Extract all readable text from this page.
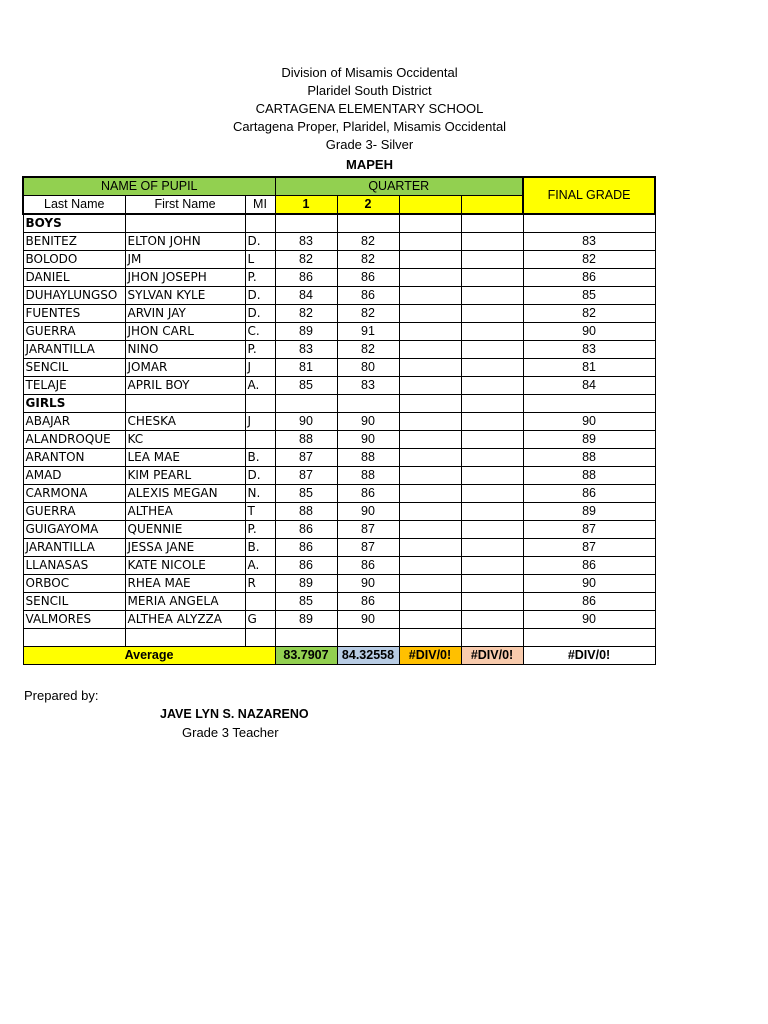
Division of Misamis Occidental
Plaridel South District
CARTAGENA ELEMENTARY SCHOOL
Cartagena Proper, Plaridel, Misamis Occidental
Grade 3- Silver
MAPEH
NAME OF PUPIL			QUARTER				FINAL GRADE
Last Name	First Name	MI	1	2			
BOYS							
BENITEZ	ELTON JOHN	D.	83	82			83
BOLODO	JM	L	82	82			82
DANIEL	JHON JOSEPH	P.	86	86			86
DUHAYLUNGSO	SYLVAN KYLE	D.	84	86			85
FUENTES	ARVIN JAY	D.	82	82			82
GUERRA	JHON CARL	C.	89	91			90
JARANTILLA	NINO	P.	83	82			83
SENCIL	JOMAR	J	81	80			81
TELAJE	APRIL BOY	A.	85	83			84
GIRLS							
ABAJAR	CHESKA	J	90	90			90
ALANDROQUE	KC		88	90			89
ARANTON	LEA MAE	B.	87	88			88
AMAD	KIM PEARL	D.	87	88			88
CARMONA	ALEXIS MEGAN	N.	85	86			86
GUERRA	ALTHEA	T	88	90			89
GUIGAYOMA	QUENNIE	P.	86	87			87
JARANTILLA	JESSA JANE	B.	86	87			87
LLANASAS	KATE NICOLE	A.	86	86			86
ORBOC	RHEA MAE	R	89	90			90
SENCIL	MERIA ANGELA		85	86			86
VALMORES	ALTHEA ALYZZA	G	89	90			90

Average			83.7907	84.32558	#DIV/0!	#DIV/0!	#DIV/0!
Prepared by:
JAVE LYN S. NAZARENO
Grade 3 Teacher
